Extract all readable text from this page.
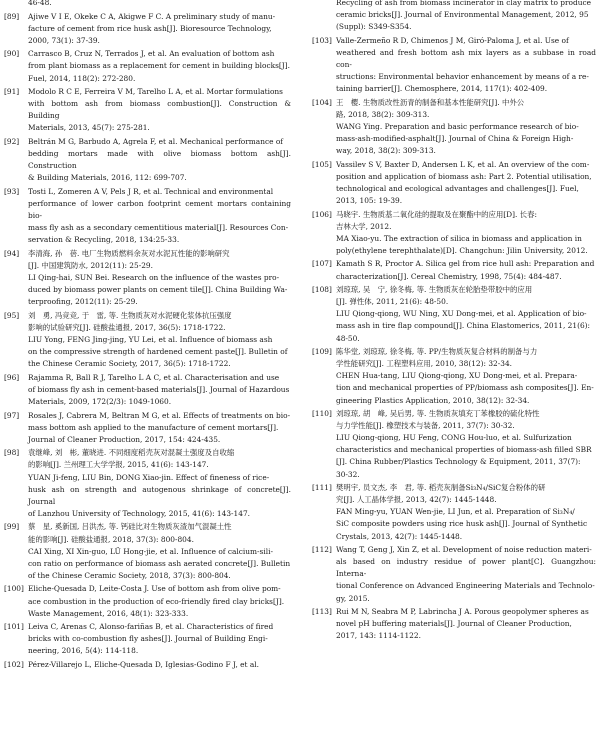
46-48.
[89] Ajiwe V I E, Okeke C A, Akigwe F C. A preliminary study of manu-
facture of cement from rice husk ash[J]. Bioresource Technology,
2000, 73(1): 37-39.
[90] Carrasco B, Cruz N, Terrados J, et al. An evaluation of bottom ash
from plant biomass as a replacement for cement in building blocks[J].
Fuel, 2014, 118(2): 272-280.
[91] Modolo R C E, Ferreira V M, Tarelho L A, et al. Mortar formulations
with bottom ash from biomass combustion[J]. Construction & Building
Materials, 2013, 45(7): 275-281.
[92] Beltrán M G, Barbudo A, Agrela F, et al. Mechanical performance of
bedding mortars made with olive biomass bottom ash[J]. Construction
& Building Materials, 2016, 112: 699-707.
[93] Tosti L, Zomeren A V, Pels J R, et al. Technical and environmental
performance of lower carbon footprint cement mortars containing bio-
mass fly ash as a secondary cementitious material[J]. Resources Con-
servation & Recycling, 2018, 134:25-33.
[94] 李清海, 孙　蓓. 电厂生物质燃料余灰对水泥瓦性能的影响研究
[J]. 中国建筑防水, 2012(11): 25-29.
LI Qing-hai, SUN Bei. Research on the influence of the wastes pro-
duced by biomass power plants on cement tile[J]. China Building Wa-
terproofing, 2012(11): 25-29.
[95] 刘　勇, 冯竞竞, 于　雷, 等. 生物质灰对水泥硬化浆体抗压强度
影响的试验研究[J]. 硅酸盐通报, 2017, 36(5): 1718-1722.
LIU Yong, FENG Jing-jing, YU Lei, et al. Influence of biomass ash
on the compressive strength of hardened cement paste[J]. Bulletin of
the Chinese Ceramic Society, 2017, 36(5): 1718-1722.
[96] Rajamma R, Ball R J, Tarelho L A C, et al. Characterisation and use
of biomass fly ash in cement-based materials[J]. Journal of Hazardous
Materials, 2009, 172(2/3): 1049-1060.
[97] Rosales J, Cabrera M, Beltran M G, et al. Effects of treatments on bio-
mass bottom ash applied to the manufacture of cement mortars[J].
Journal of Cleaner Production, 2017, 154: 424-435.
[98] 袁继峰, 刘　彬, 董晓进. 不同细度稻壳灰对混凝土强度及自收缩
的影响[J]. 兰州理工大学学报, 2015, 41(6): 143-147.
YUAN Ji-feng, LIU Bin, DONG Xiao-jin. Effect of fineness of rice-
husk ash on strength and autogenous shrinkage of concrete[J]. Journal
of Lanzhou University of Technology, 2015, 41(6): 143-147.
[99] 蔡　星, 奚新国, 吕洪杰, 等. 钙硅比对生物质灰渣加气混凝土性
能的影响[J]. 硅酸盐通报, 2018, 37(3): 800-804.
CAI Xing, XI Xin-guo, LÜ Hong-jie, et al. Influence of calcium-sili-
con ratio on performance of biomass ash aerated concrete[J]. Bulletin
of the Chinese Ceramic Society, 2018, 37(3): 800-804.
[100] Eliche-Quesada D, Leite-Costa J. Use of bottom ash from olive pom-
ace combustion in the production of eco-friendly fired clay bricks[J].
Waste Management, 2016, 48(1): 323-333.
[101] Leiva C, Arenas C, Alonso-fariñas B, et al. Characteristics of fired
bricks with co-combustion fly ashes[J]. Journal of Building Engi-
neering, 2016, 5(4): 114-118.
[102] Pérez-Villarejo L, Eliche-Quesada D, Iglesias-Godino F J, et al.
Recycling of ash from biomass incinerator in clay matrix to produce
ceramic bricks[J]. Journal of Environmental Management, 2012, 95
(Suppl): S349-S354.
[103] Valle-Zermeño R D, Chimenos J M, Giró-Paloma J, et al. Use of
weathered and fresh bottom ash mix layers as a subbase in road con-
structions: Environmental behavior enhancement by means of a re-
taining barrier[J]. Chemosphere, 2014, 117(1): 402-409.
[104] 王　樱. 生物质改性沥青的制备和基本性能研究[J]. 中外公
路, 2018, 38(2): 309-313.
WANG Ying. Preparation and basic performance research of bio-
mass-ash-modified-asphalt[J]. Journal of China & Foreign High-
way, 2018, 38(2): 309-313.
[105] Vassilev S V, Baxter D, Andersen L K, et al. An overview of the com-
position and application of biomass ash: Part 2. Potential utilisation,
technological and ecological advantages and challenges[J]. Fuel,
2013, 105: 19-39.
[106] 马晓宇. 生物质基二氧化硅的提取及在聚酯中的应用[D]. 长春:
吉林大学, 2012.
MA Xiao-yu. The extraction of silica in biomass and application in
poly(ethylene terephthalate)[D]. Changchun: Jilin University, 2012.
[107] Kamath S R, Proctor A. Silica gel from rice hull ash: Preparation and
characterization[J]. Cereal Chemistry, 1998, 75(4): 484-487.
[108] 刘琼琼, 吴　宁, 徐冬梅, 等. 生物质灰在轮胎垫带胶中的应用
[J]. 弹性体, 2011, 21(6): 48-50.
LIU Qiong-qiong, WU Ning, XU Dong-mei, et al. Application of bio-
mass ash in tire flap compound[J]. China Elastomerics, 2011, 21(6):
48-50.
[109] 陈华堂, 刘琼琼, 徐冬梅, 等. PP/生物质灰复合材料的制备与力
学性能研究[J]. 工程塑料应用, 2010, 38(12): 32-34.
CHEN Hua-tang, LIU Qiong-qiong, XU Dong-mei, et al. Prepara-
tion and mechanical properties of PP/biomass ash composites[J]. En-
gineering Plastics Application, 2010, 38(12): 32-34.
[110] 刘琼琼, 胡　峰, 吴后男, 等. 生物质灰填充丁苯橡胶的硫化特性
与力学性能[J]. 橡塑技术与装备, 2011, 37(7): 30-32.
LIU Qiong-qiong, HU Feng, CONG Hou-luo, et al. Sulfurization
characteristics and mechanical properties of biomass-ash filled SBR
[J]. China Rubber/Plastics Technology & Equipment, 2011, 37(7):
30-32.
[111] 樊明宇, 员文杰, 李　君, 等. 稻壳灰制备Si₃N₄/SiC复合粉体的研
究[J]. 人工晶体学报, 2013, 42(7): 1445-1448.
FAN Ming-yu, YUAN Wen-jie, LI Jun, et al. Preparation of Si₃N₄/
SiC composite powders using rice husk ash[J]. Journal of Synthetic
Crystals, 2013, 42(7): 1445-1448.
[112] Wang T, Geng J, Xin Z, et al. Development of noise reduction materi-
als based on industry residue of power plant[C]. Guangzhou: Interna-
tional Conference on Advanced Engineering Materials and Technolo-
gy, 2015.
[113] Rui M N, Seabra M P, Labrincha J A. Porous geopolymer spheres as
novel pH buffering materials[J]. Journal of Cleaner Production,
2017, 143: 1114-1122.
